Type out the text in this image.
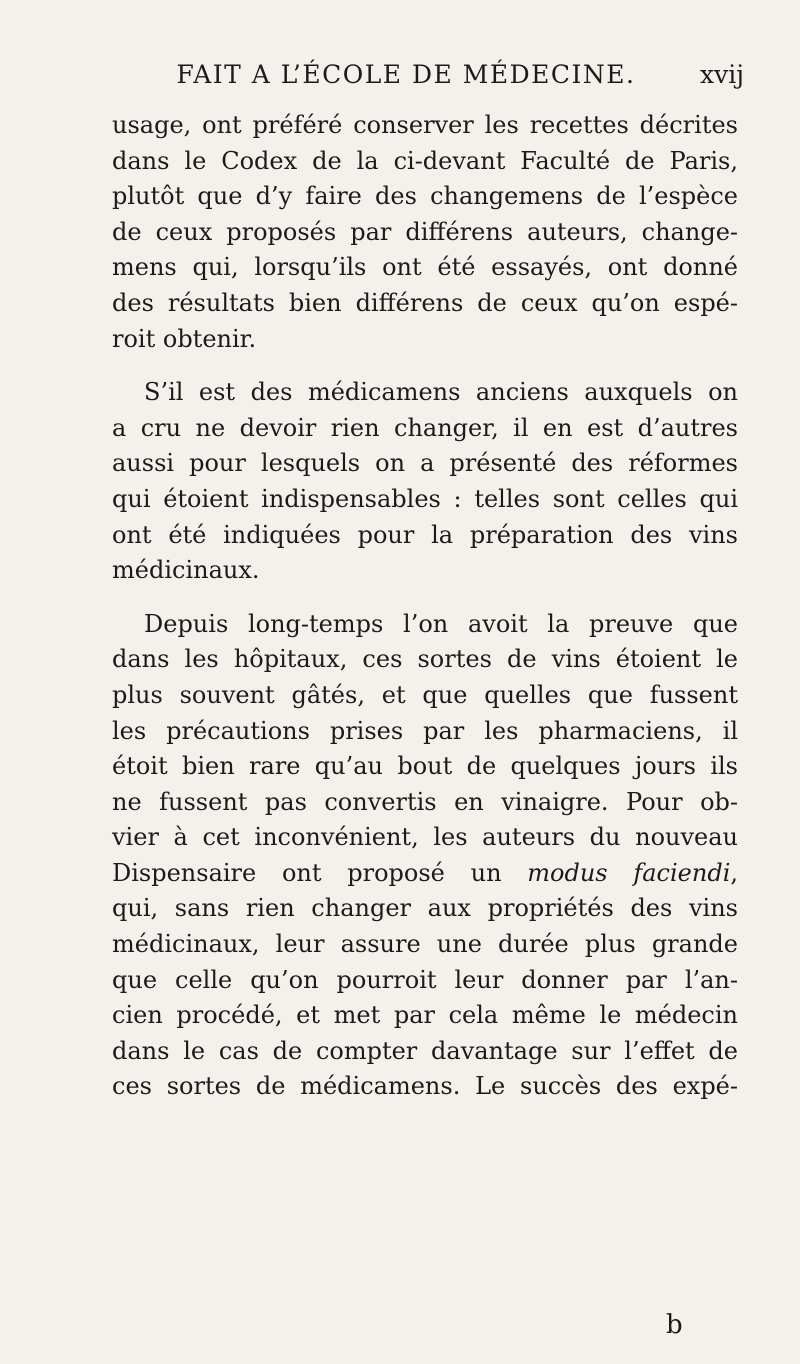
FAIT A L’ÉCOLE DE MÉDECINE.	xvij

usage, ont préféré conserver les recettes décrites
dans le Codex de la ci-devant Faculté de Paris,
plutôt que d’y faire des changemens de l’espèce
de ceux proposés par différens auteurs, change-
mens qui, lorsqu’ils ont été essayés, ont donné
des résultats bien différens de ceux qu’on espé-
roit obtenir.

S’il est des médicamens anciens auxquels on
a cru ne devoir rien changer, il en est d’autres
aussi pour lesquels on a présenté des réformes
qui étoient indispensables : telles sont celles qui
ont été indiquées pour la préparation des vins
médicinaux.

Depuis long-temps l’on avoit la preuve que
dans les hôpitaux, ces sortes de vins étoient le
plus souvent gâtés, et que quelles que fussent
les précautions prises par les pharmaciens, il
étoit bien rare qu’au bout de quelques jours ils
ne fussent pas convertis en vinaigre. Pour ob-
vier à cet inconvénient, les auteurs du nouveau
Dispensaire ont proposé un modus faciendi,
qui, sans rien changer aux propriétés des vins
médicinaux, leur assure une durée plus grande
que celle qu’on pourroit leur donner par l’an-
cien procédé, et met par cela même le médecin
dans le cas de compter davantage sur l’effet de
ces sortes de médicamens. Le succès des expé-

b
